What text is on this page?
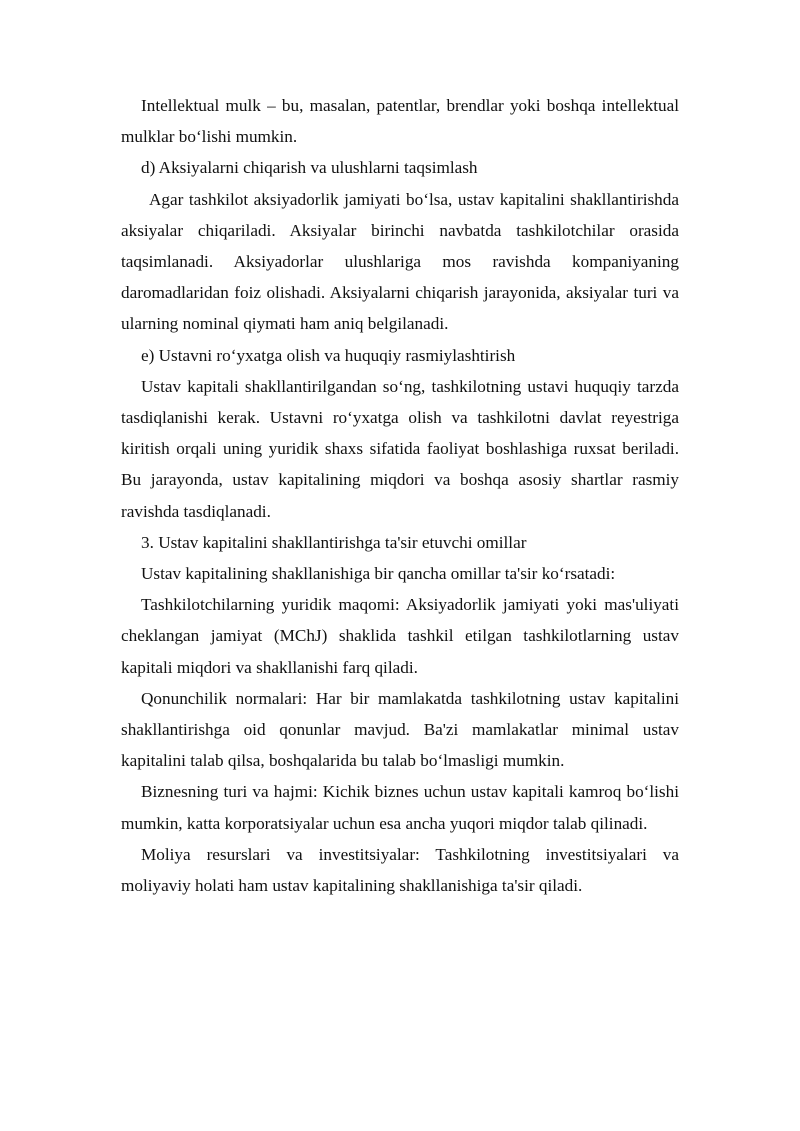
Intellektual mulk – bu, masalan, patentlar, brendlar yoki boshqa intellektual mulklar boʻlishi mumkin.

d) Aksiyalarni chiqarish va ulushlarni taqsimlash

Agar tashkilot aksiyadorlik jamiyati boʻlsa, ustav kapitalini shakllantirishda aksiyalar chiqariladi. Aksiyalar birinchi navbatda tashkilotchilar orasida taqsimlanadi. Aksiyadorlar ulushlariga mos ravishda kompaniyaning daromadlaridan foiz olishadi. Aksiyalarni chiqarish jarayonida, aksiyalar turi va ularning nominal qiymati ham aniq belgilanadi.

e) Ustavni roʻyxatga olish va huquqiy rasmiylashtirish

Ustav kapitali shakllantirilgandan soʻng, tashkilotning ustavi huquqiy tarzda tasdiqlanishi kerak. Ustavni roʻyxatga olish va tashkilotni davlat reyestriga kiritish orqali uning yuridik shaxs sifatida faoliyat boshlashiga ruxsat beriladi. Bu jarayonda, ustav kapitalining miqdori va boshqa asosiy shartlar rasmiy ravishda tasdiqlanadi.

3. Ustav kapitalini shakllantirishga ta'sir etuvchi omillar

Ustav kapitalining shakllanishiga bir qancha omillar ta'sir koʻrsatadi:

Tashkilotchilarning yuridik maqomi: Aksiyadorlik jamiyati yoki mas'uliyati cheklangan jamiyat (MChJ) shaklida tashkil etilgan tashkilotlarning ustav kapitali miqdori va shakllanishi farq qiladi.

Qonunchilik normalari: Har bir mamlakatda tashkilotning ustav kapitalini shakllantirishga oid qonunlar mavjud. Ba'zi mamlakatlar minimal ustav kapitalini talab qilsa, boshqalarida bu talab boʻlmasligi mumkin.

Biznesning turi va hajmi: Kichik biznes uchun ustav kapitali kamroq boʻlishi mumkin, katta korporatsiyalar uchun esa ancha yuqori miqdor talab qilinadi.

Moliya resurslari va investitsiyalar: Tashkilotning investitsiyalari va moliyaviy holati ham ustav kapitalining shakllanishiga ta'sir qiladi.
